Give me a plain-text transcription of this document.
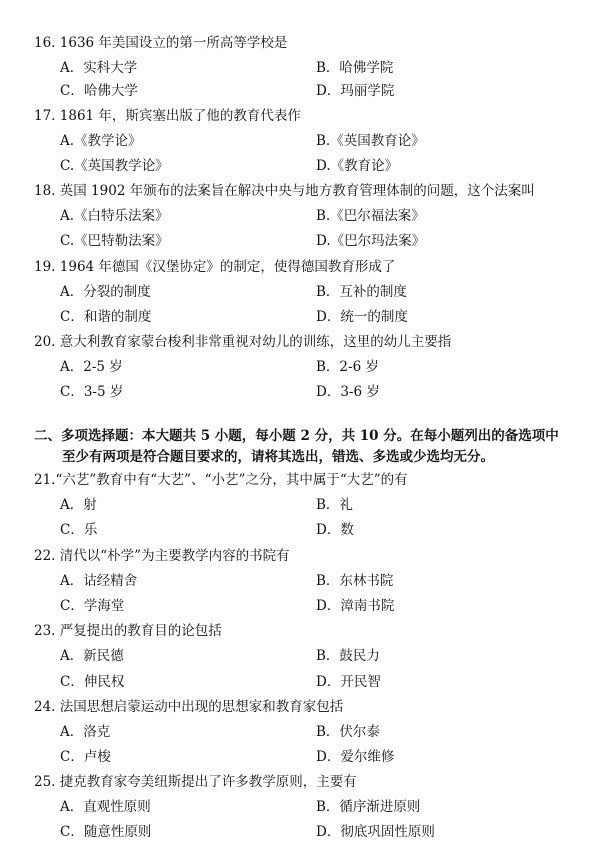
16. 1636 年美国设立的第一所高等学校是
A．实科大学	B．哈佛学院
C．哈佛大学	D．玛丽学院
17. 1861 年，斯宾塞出版了他的教育代表作
A.《教学论》	B.《英国教育论》
C.《英国教学论》	D.《教育论》
18. 英国 1902 年颁布的法案旨在解决中央与地方教育管理体制的问题，这个法案叫
A.《白特乐法案》	B.《巴尔福法案》
C.《巴特勒法案》	D.《巴尔玛法案》
19. 1964 年德国《汉堡协定》的制定，使得德国教育形成了
A．分裂的制度	B．互补的制度
C．和谐的制度	D．统一的制度
20. 意大利教育家蒙台梭利非常重视对幼儿的训练，这里的幼儿主要指
A．2-5 岁	B．2-6 岁
C．3-5 岁	D．3-6 岁
二、多项选择题：本大题共 5 小题，每小题 2 分，共 10 分。在每小题列出的备选项中
至少有两项是符合题目要求的，请将其选出，错选、多选或少选均无分。
21.“六艺”教育中有“大艺”、“小艺”之分，其中属于“大艺”的有
A．射	B．礼
C．乐	D．数
22. 清代以“朴学”为主要教学内容的书院有
A．诂经精舍	B．东林书院
C．学海堂	D．漳南书院
23. 严复提出的教育目的论包括
A．新民德	B．鼓民力
C．伸民权	D．开民智
24. 法国思想启蒙运动中出现的思想家和教育家包括
A．洛克	B．伏尔泰
C．卢梭	D．爱尔维修
25. 捷克教育家夸美纽斯提出了许多教学原则，主要有
A．直观性原则	B．循序渐进原则
C．随意性原则	D．彻底巩固性原则
